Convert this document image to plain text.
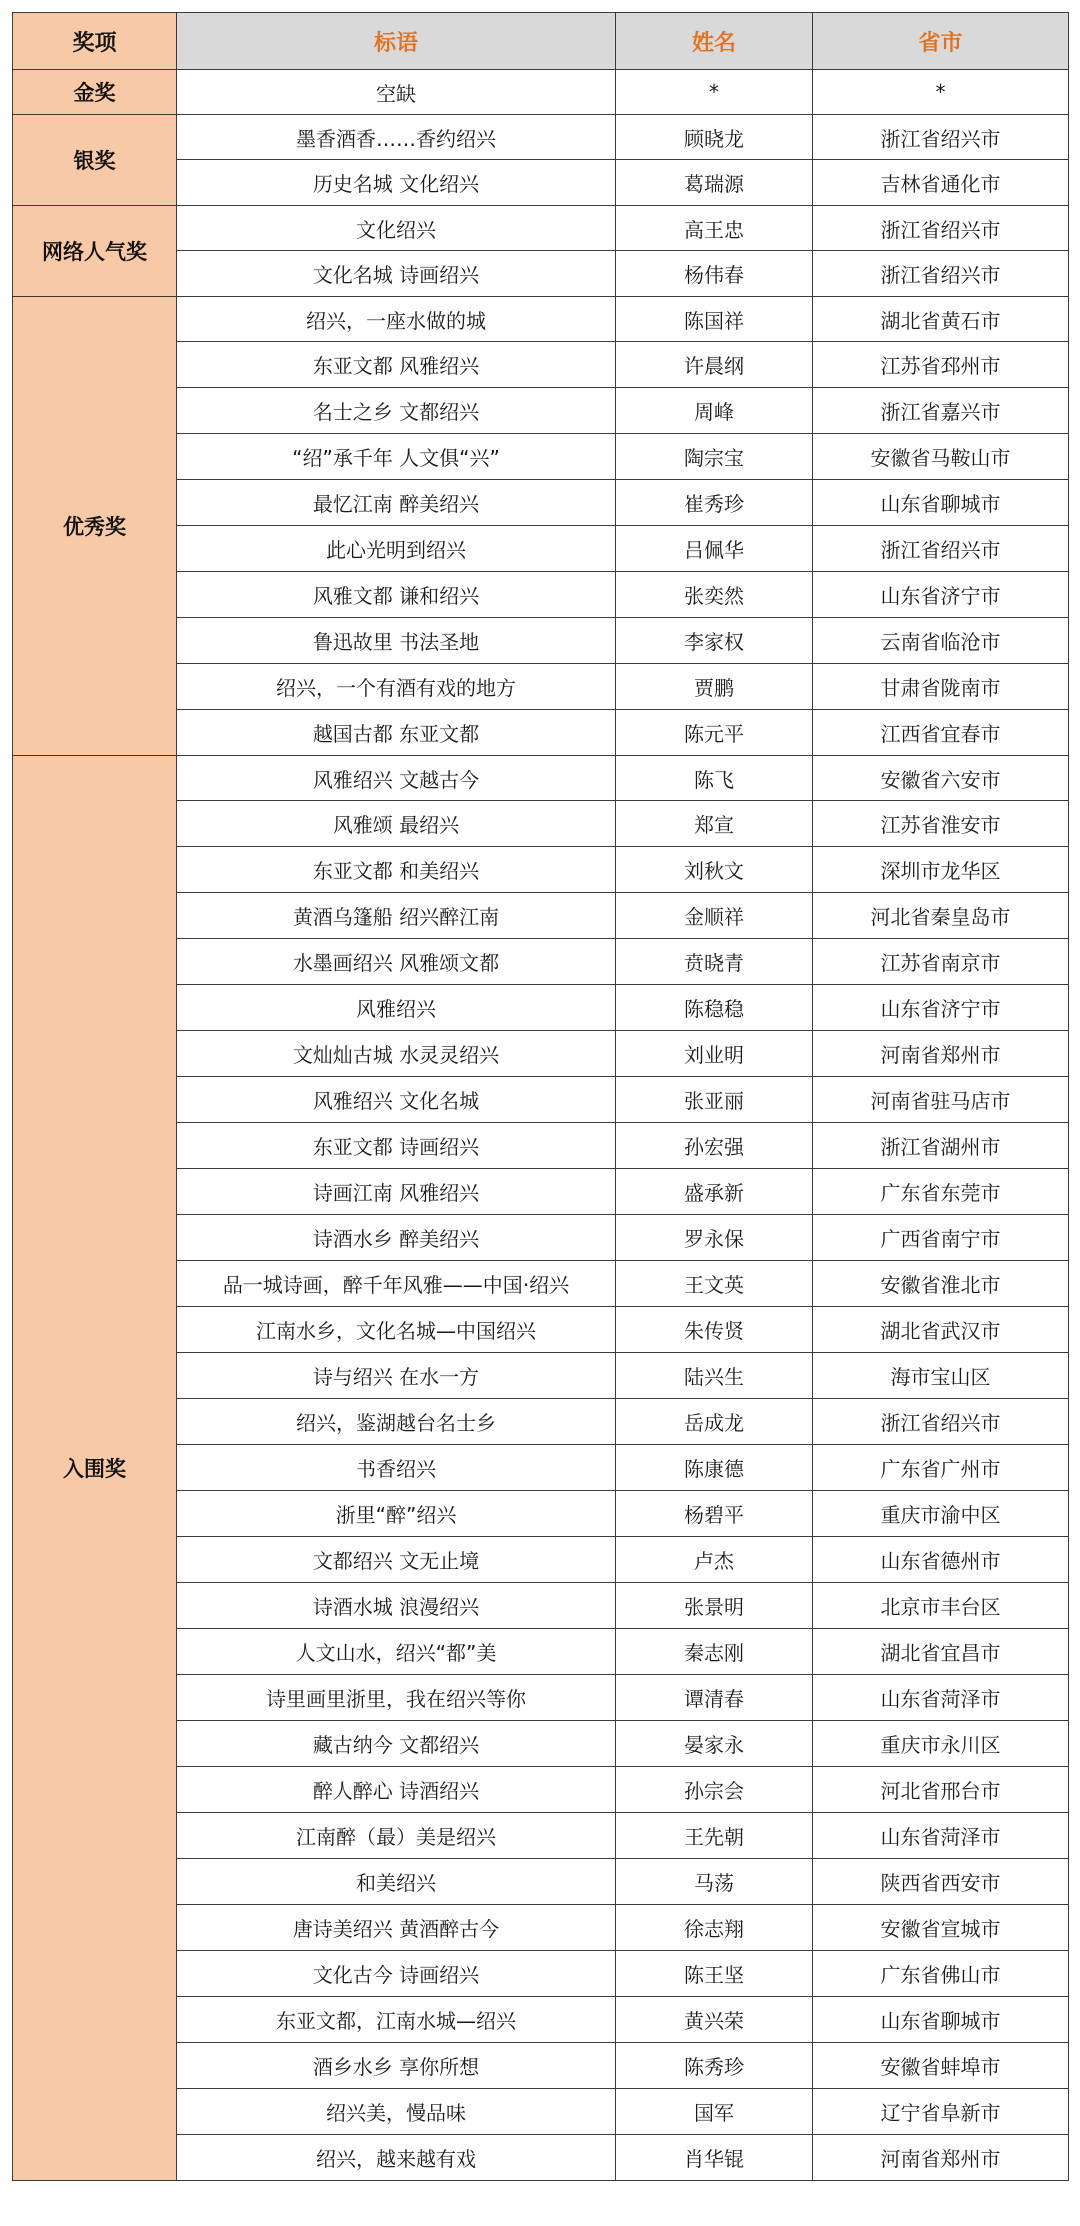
奖项	标语	姓名	省市
金奖	空缺	*	*
银奖	墨香酒香……香约绍兴	顾晓龙	浙江省绍兴市
	历史名城 文化绍兴	葛瑞源	吉林省通化市
网络人气奖	文化绍兴	高王忠	浙江省绍兴市
	文化名城 诗画绍兴	杨伟春	浙江省绍兴市
优秀奖	绍兴，一座水做的城	陈国祥	湖北省黄石市
	东亚文都 风雅绍兴	许晨纲	江苏省邳州市
	名士之乡 文都绍兴	周峰	浙江省嘉兴市
	“绍”承千年 人文俱“兴”	陶宗宝	安徽省马鞍山市
	最忆江南 醉美绍兴	崔秀珍	山东省聊城市
	此心光明到绍兴	吕佩华	浙江省绍兴市
	风雅文都 谦和绍兴	张奕然	山东省济宁市
	鲁迅故里 书法圣地	李家权	云南省临沧市
	绍兴，一个有酒有戏的地方	贾鹏	甘肃省陇南市
	越国古都 东亚文都	陈元平	江西省宜春市
入围奖	风雅绍兴 文越古今	陈飞	安徽省六安市
	风雅颂 最绍兴	郑宣	江苏省淮安市
	东亚文都 和美绍兴	刘秋文	深圳市龙华区
	黄酒乌篷船 绍兴醉江南	金顺祥	河北省秦皇岛市
	水墨画绍兴 风雅颂文都	贲晓青	江苏省南京市
	风雅绍兴	陈稳稳	山东省济宁市
	文灿灿古城 水灵灵绍兴	刘业明	河南省郑州市
	风雅绍兴 文化名城	张亚丽	河南省驻马店市
	东亚文都 诗画绍兴	孙宏强	浙江省湖州市
	诗画江南 风雅绍兴	盛承新	广东省东莞市
	诗酒水乡 醉美绍兴	罗永保	广西省南宁市
	品一城诗画，醉千年风雅——中国·绍兴	王文英	安徽省淮北市
	江南水乡，文化名城—中国绍兴	朱传贤	湖北省武汉市
	诗与绍兴 在水一方	陆兴生	海市宝山区
	绍兴，鉴湖越台名士乡	岳成龙	浙江省绍兴市
	书香绍兴	陈康德	广东省广州市
	浙里“醉”绍兴	杨碧平	重庆市渝中区
	文都绍兴 文无止境	卢杰	山东省德州市
	诗酒水城 浪漫绍兴	张景明	北京市丰台区
	人文山水，绍兴“都”美	秦志刚	湖北省宜昌市
	诗里画里浙里，我在绍兴等你	谭清春	山东省菏泽市
	藏古纳今 文都绍兴	晏家永	重庆市永川区
	醉人醉心 诗酒绍兴	孙宗会	河北省邢台市
	江南醉（最）美是绍兴	王先朝	山东省菏泽市
	和美绍兴	马荡	陕西省西安市
	唐诗美绍兴 黄酒醉古今	徐志翔	安徽省宣城市
	文化古今 诗画绍兴	陈王坚	广东省佛山市
	东亚文都，江南水城—绍兴	黄兴荣	山东省聊城市
	酒乡水乡 享你所想	陈秀珍	安徽省蚌埠市
	绍兴美，慢品味	国军	辽宁省阜新市
	绍兴，越来越有戏	肖华锟	河南省郑州市
